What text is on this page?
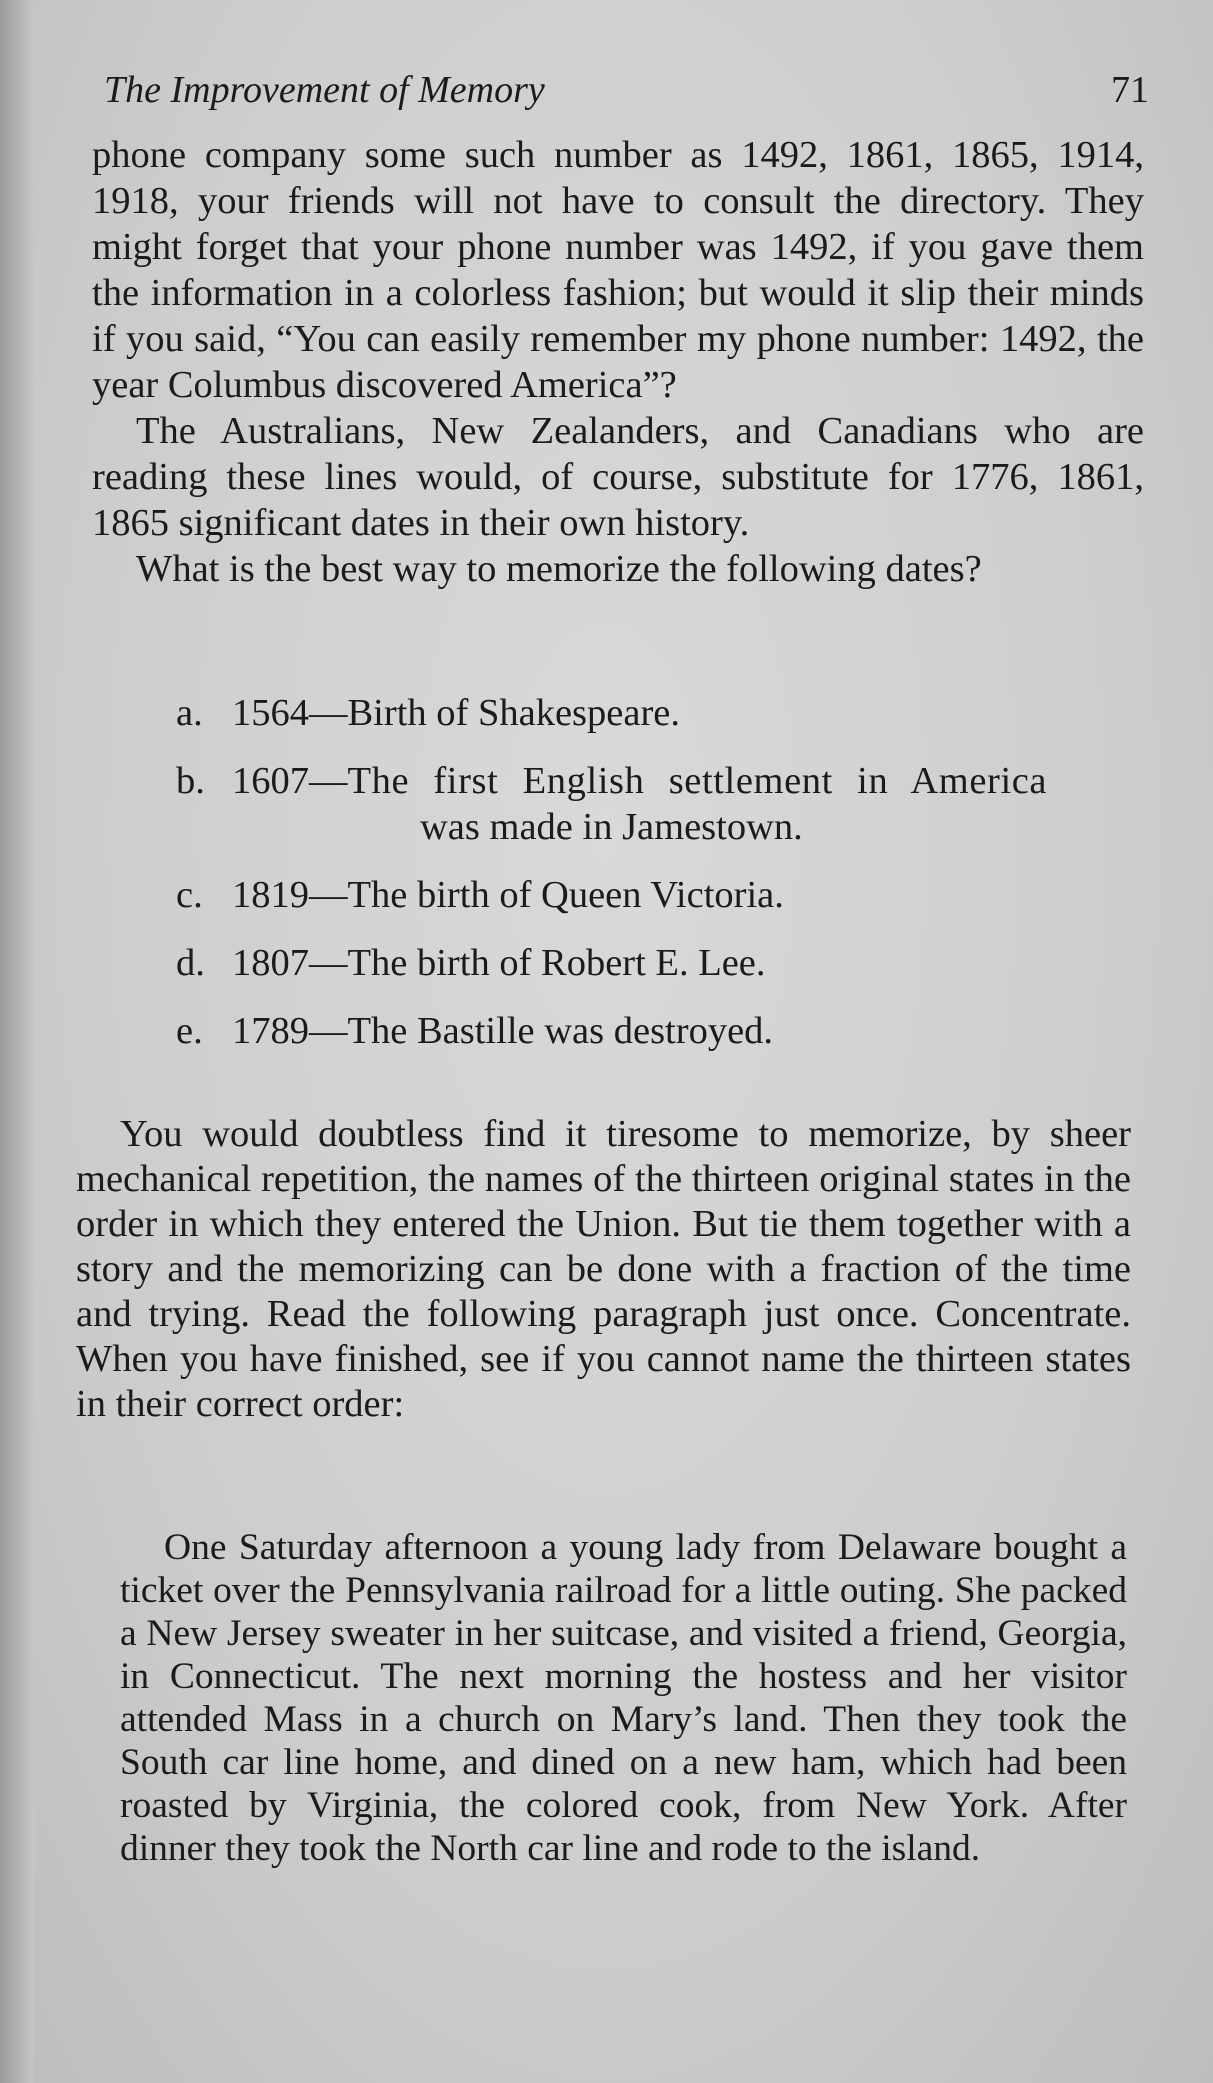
The Improvement of Memory	71

phone company some such number as 1492, 1861, 1865, 1914, 1918, your friends will not have to consult the directory. They might forget that your phone number was 1492, if you gave them the information in a colorless fashion; but would it slip their minds if you said, “You can easily remember my phone number: 1492, the year Columbus discovered America”?

The Australians, New Zealanders, and Canadians who are reading these lines would, of course, substitute for 1776, 1861, 1865 significant dates in their own history.

What is the best way to memorize the following dates?

a. 1564 — Birth of Shakespeare.
b. 1607—The first English settlement in America
was made in Jamestown.
c. 1819 — The birth of Queen Victoria.
d. 1807 — The birth of Robert E. Lee.
e. 1789 — The Bastille was destroyed.

You would doubtless find it tiresome to memorize, by sheer mechanical repetition, the names of the thirteen original states in the order in which they entered the Union. But tie them together with a story and the memorizing can be done with a fraction of the time and trying. Read the following paragraph just once. Concentrate. When you have finished, see if you cannot name the thirteen states in their correct order:

One Saturday afternoon a young lady from Delaware bought a ticket over the Pennsylvania railroad for a little outing. She packed a New Jersey sweater in her suitcase, and visited a friend, Georgia, in Connecticut. The next morning the hostess and her visitor attended Mass in a church on Mary’s land. Then they took the South car line home, and dined on a new ham, which had been roasted by Virginia, the colored cook, from New York. After dinner they took the North car line and rode to the island.
